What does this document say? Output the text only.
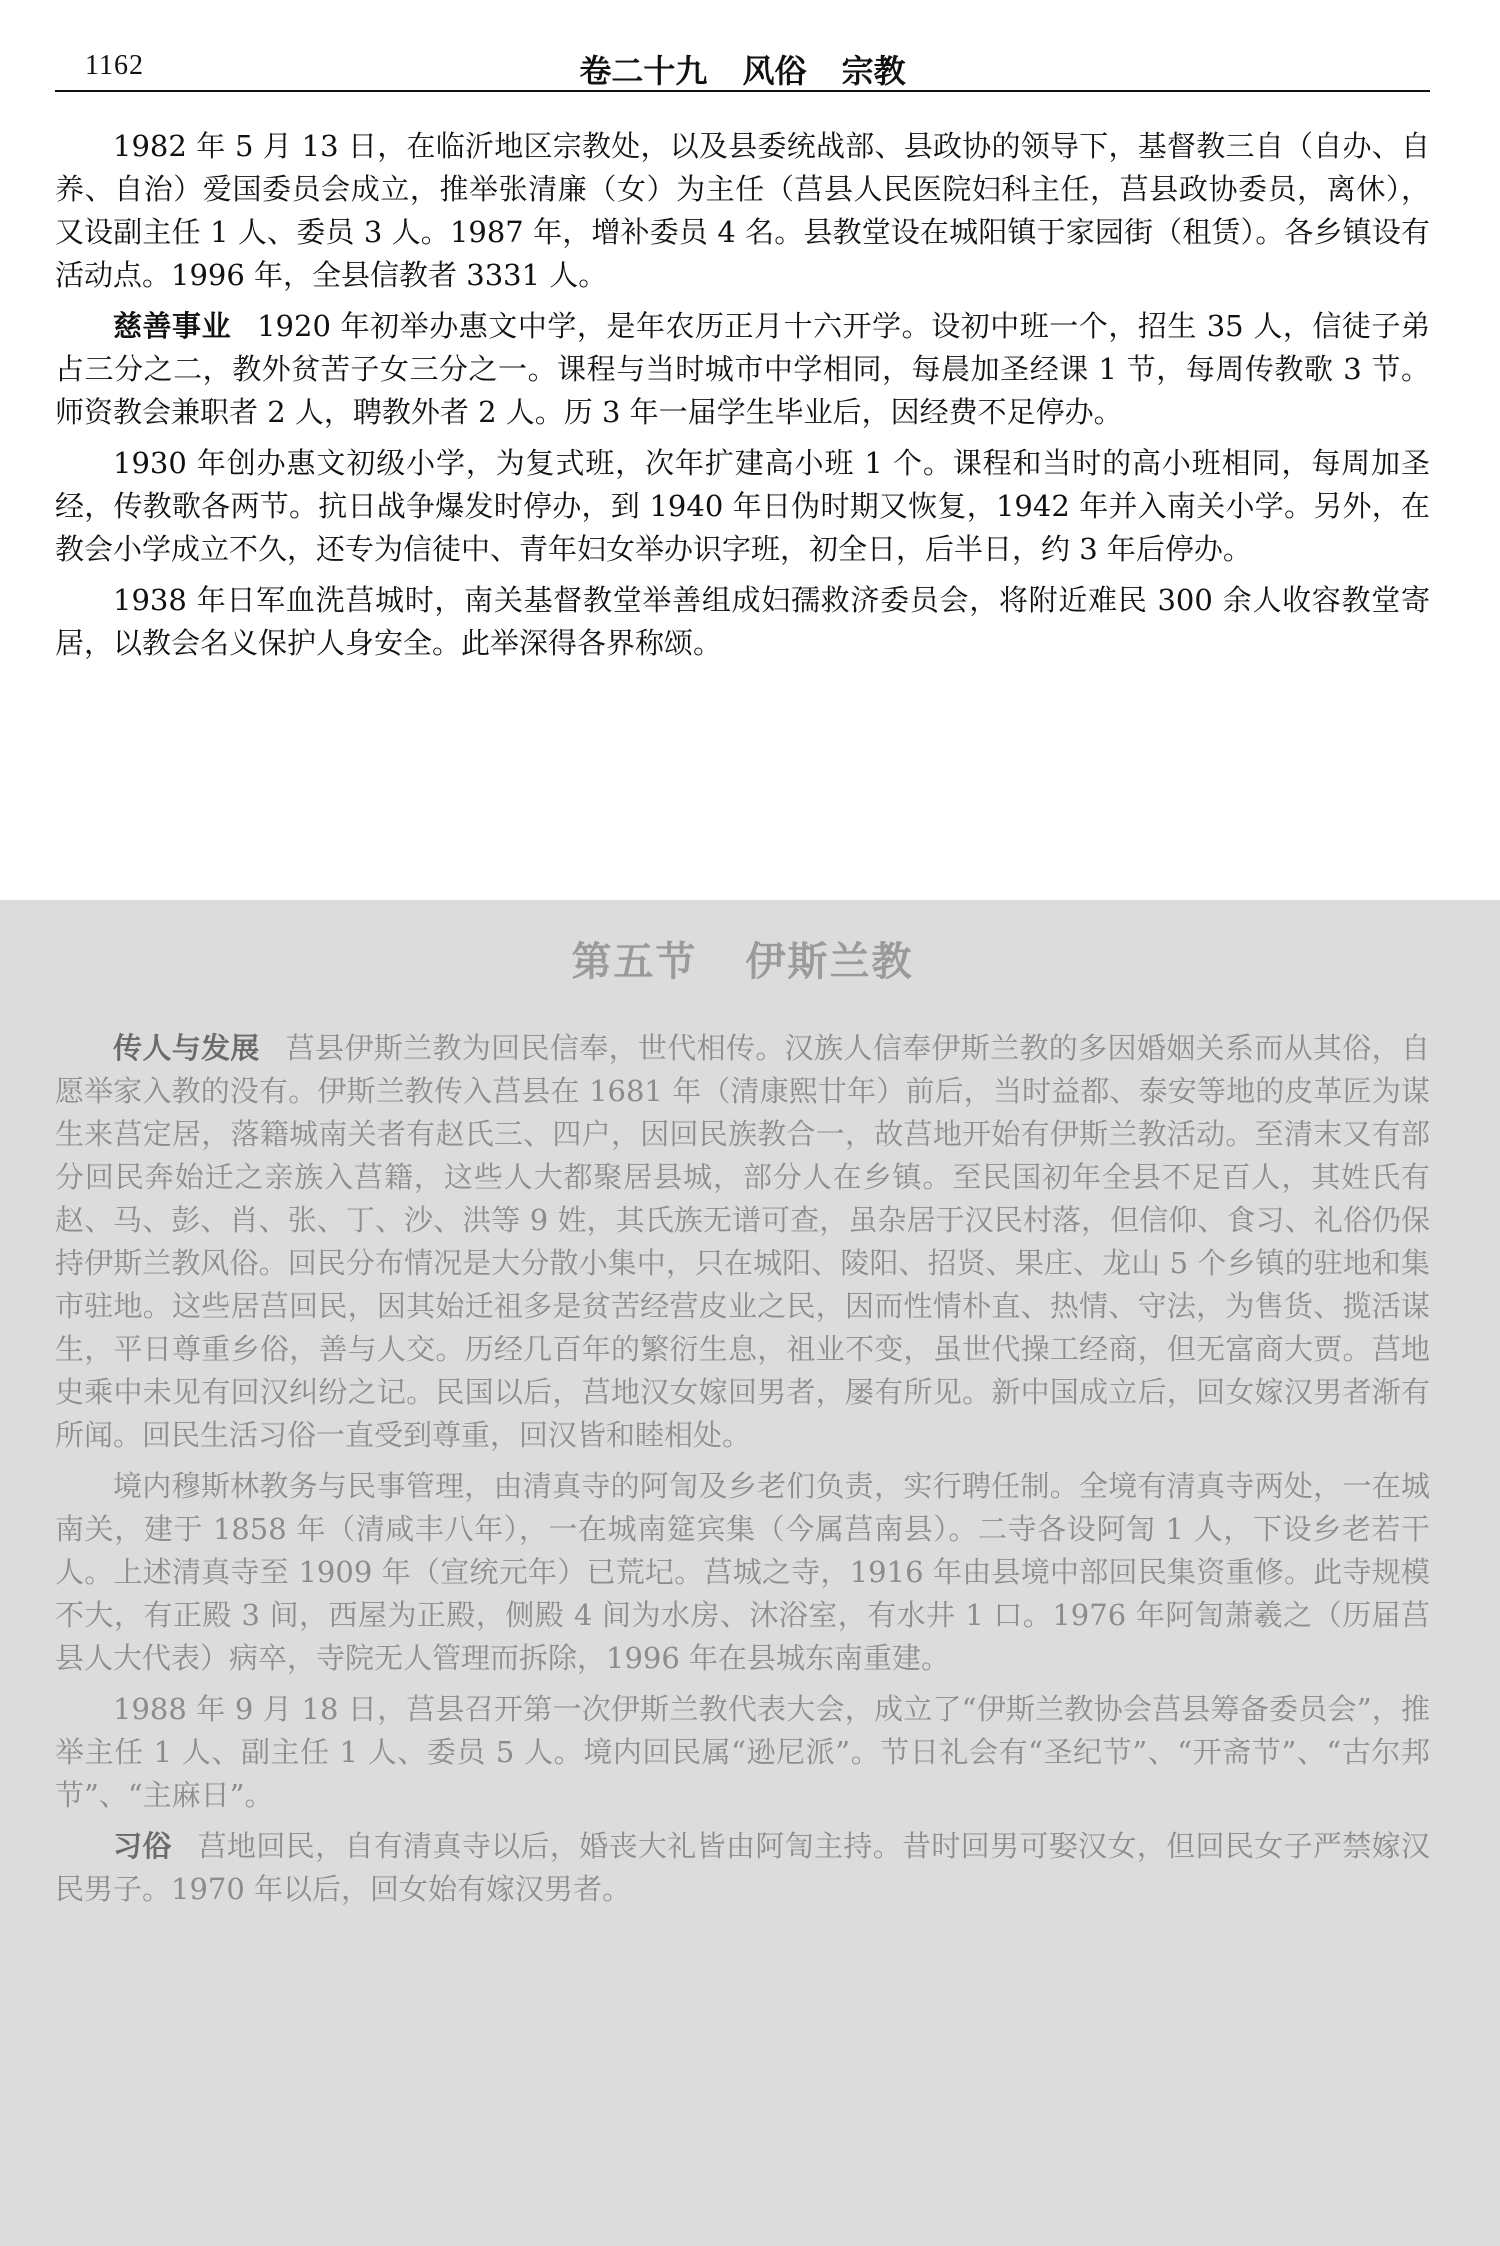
1162	卷二十九 风俗 宗教

1982 年 5 月 13 日，在临沂地区宗教处，以及县委统战部、县政协的领导下，基督教三自（自办、自养、自治）爱国委员会成立，推举张清廉（女）为主任（莒县人民医院妇科主任，莒县政协委员，离休），又设副主任 1 人、委员 3 人。1987 年，增补委员 4 名。县教堂设在城阳镇于家园街（租赁）。各乡镇设有活动点。1996 年，全县信教者 3331 人。

慈善事业 1920 年初举办惠文中学，是年农历正月十六开学。设初中班一个，招生 35 人，信徒子弟占三分之二，教外贫苦子女三分之一。课程与当时城市中学相同，每晨加圣经课 1 节，每周传教歌 3 节。师资教会兼职者 2 人，聘教外者 2 人。历 3 年一届学生毕业后，因经费不足停办。

1930 年创办惠文初级小学，为复式班，次年扩建高小班 1 个。课程和当时的高小班相同，每周加圣经，传教歌各两节。抗日战争爆发时停办，到 1940 年日伪时期又恢复，1942 年并入南关小学。另外，在教会小学成立不久，还专为信徒中、青年妇女举办识字班，初全日，后半日，约 3 年后停办。

1938 年日军血洗莒城时，南关基督教堂举善组成妇孺救济委员会，将附近难民 300 余人收容教堂寄居，以教会名义保护人身安全。此举深得各界称颂。

第五节 伊斯兰教

传人与发展 莒县伊斯兰教为回民信奉，世代相传。汉族人信奉伊斯兰教的多因婚姻关系而从其俗，自愿举家入教的没有。伊斯兰教传入莒县在 1681 年（清康熙廿年）前后，当时益都、泰安等地的皮革匠为谋生来莒定居，落籍城南关者有赵氏三、四户，因回民族教合一，故莒地开始有伊斯兰教活动。至清末又有部分回民奔始迁之亲族入莒籍，这些人大都聚居县城，部分人在乡镇。至民国初年全县不足百人，其姓氏有赵、马、彭、肖、张、丁、沙、洪等 9 姓，其氏族无谱可查，虽杂居于汉民村落，但信仰、食习、礼俗仍保持伊斯兰教风俗。回民分布情况是大分散小集中，只在城阳、陵阳、招贤、果庄、龙山 5 个乡镇的驻地和集市驻地。这些居莒回民，因其始迁祖多是贫苦经营皮业之民，因而性情朴直、热情、守法，为售货、揽活谋生，平日尊重乡俗，善与人交。历经几百年的繁衍生息，祖业不变，虽世代操工经商，但无富商大贾。莒地史乘中未见有回汉纠纷之记。民国以后，莒地汉女嫁回男者，屡有所见。新中国成立后，回女嫁汉男者渐有所闻。回民生活习俗一直受到尊重，回汉皆和睦相处。

境内穆斯林教务与民事管理，由清真寺的阿訇及乡老们负责，实行聘任制。全境有清真寺两处，一在城南关，建于 1858 年（清咸丰八年），一在城南筵宾集（今属莒南县）。二寺各设阿訇 1 人，下设乡老若干人。上述清真寺至 1909 年（宣统元年）已荒圮。莒城之寺，1916 年由县境中部回民集资重修。此寺规模不大，有正殿 3 间，西屋为正殿，侧殿 4 间为水房、沐浴室，有水井 1 口。1976 年阿訇萧羲之（历届莒县人大代表）病卒，寺院无人管理而拆除，1996 年在县城东南重建。

1988 年 9 月 18 日，莒县召开第一次伊斯兰教代表大会，成立了“伊斯兰教协会莒县筹备委员会”，推举主任 1 人、副主任 1 人、委员 5 人。境内回民属“逊尼派”。节日礼会有“圣纪节”、“开斋节”、“古尔邦节”、“主麻日”。

习俗 莒地回民，自有清真寺以后，婚丧大礼皆由阿訇主持。昔时回男可娶汉女，但回民女子严禁嫁汉民男子。1970 年以后，回女始有嫁汉男者。
